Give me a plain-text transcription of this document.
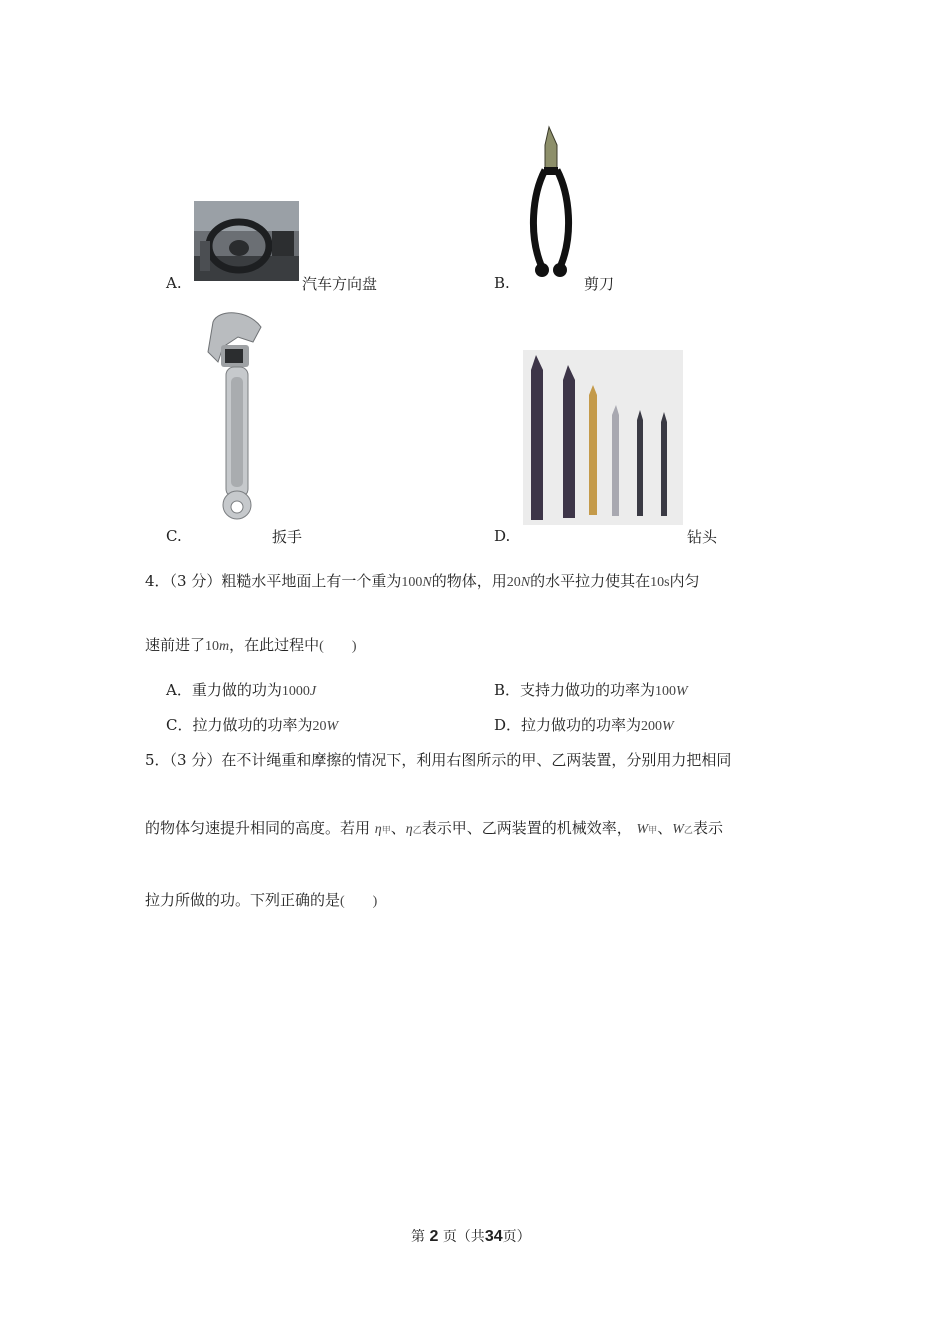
A.	汽车方向盘	B.	剪刀
C.	扳手	D.	钻头
4．（3 分）粗糙水平地面上有一个重为100N的物体，用20N的水平拉力使其在10s内匀
速前进了10m，在此过程中(　　)
A．重力做的功为1000J	B．支持力做功的功率为100W
C．拉力做功的功率为20W	D．拉力做功的功率为200W
5．（3 分）在不计绳重和摩擦的情况下，利用右图所示的甲、乙两装置，分别用力把相同
的物体匀速提升相同的高度。若用 η甲、η乙表示甲、乙两装置的机械效率， W甲、W乙表示
拉力所做的功。下列正确的是(　　)
第 2 页（共34页）
